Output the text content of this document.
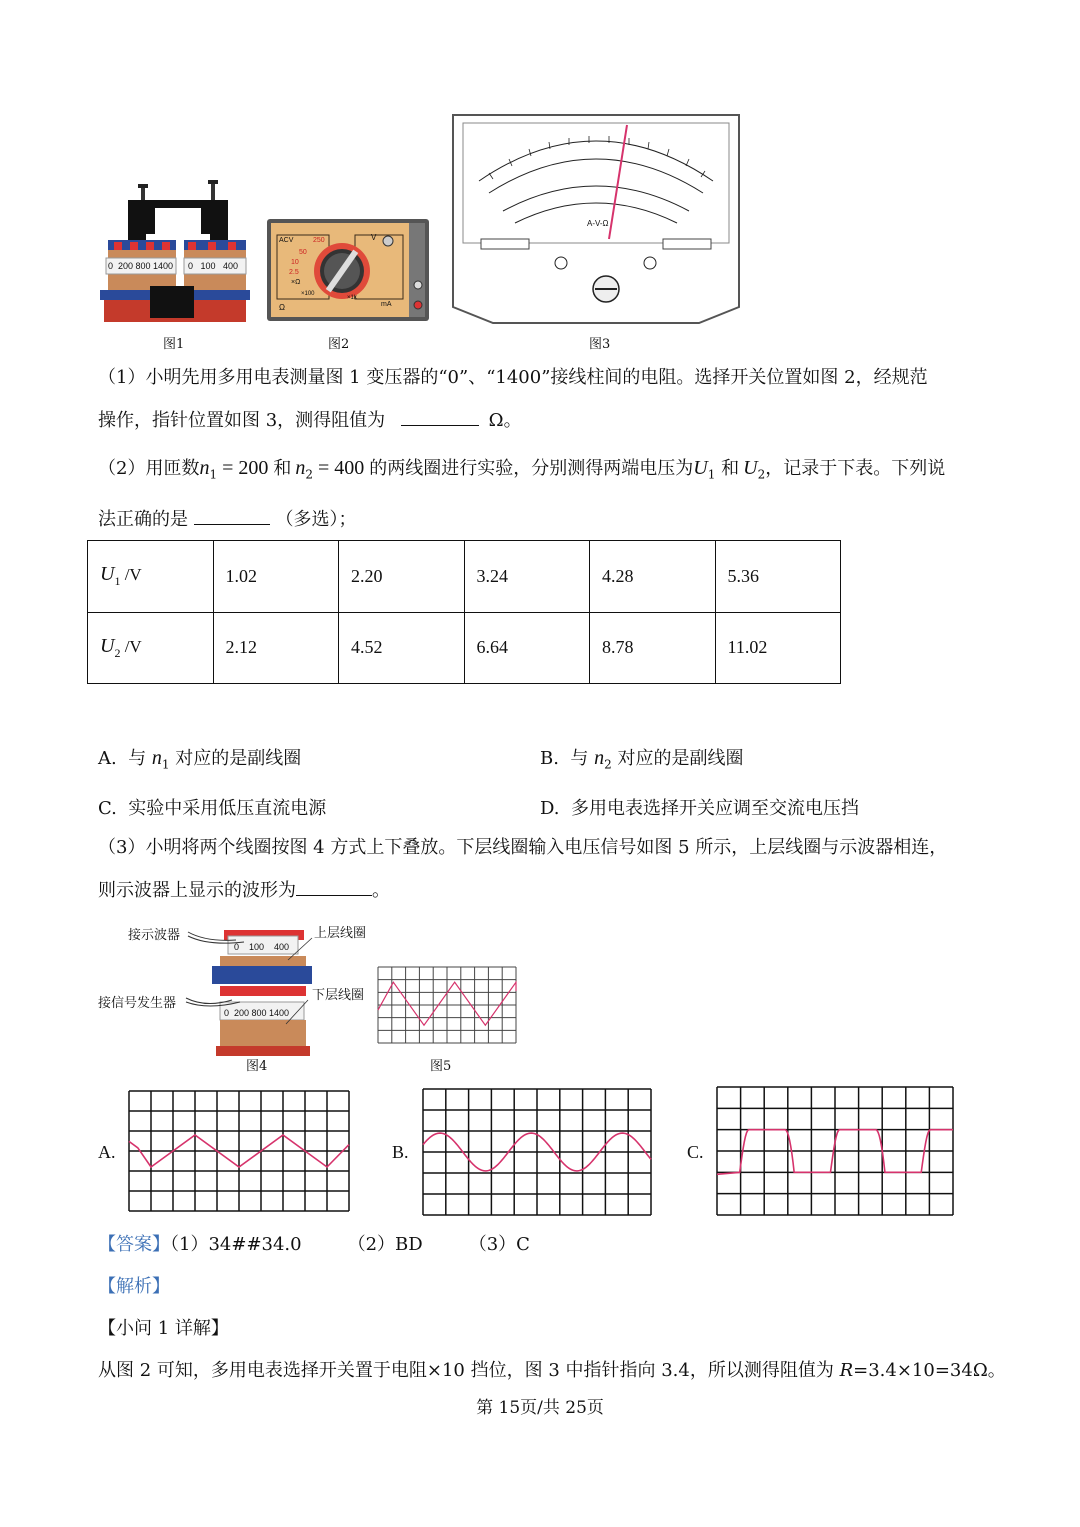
0  200 800 1400 0   100   400
图1
ACV	V
250
50
10
2.5
×Ω
×100
Ω
×1k
mA
图2
A-V-Ω
图3
（1）小明先用多用电表测量图 1 变压器的“0”、“1400”接线柱间的电阻。选择开关位置如图 2，经规范
操作，指针位置如图 3，测得阻值为	Ω。
（2）用匝数$n_1 = 200$ 和 $n_2 = 400$ 的两线圈进行实验，分别测得两端电压为$U_1$ 和 $U_2$，记录于下表。下列说
法正确的是	（多选）；
$U_1$ /V	1.02	2.20	3.24	4.28	5.36
$U_2$ /V	2.12	4.52	6.64	8.78	11.02
A.  与 $n_1$ 对应的是副线圈	B.  与 $n_2$ 对应的是副线圈
C.  实验中采用低压直流电源	D.  多用电表选择开关应调至交流电压挡
（3）小明将两个线圈按图 4 方式上下叠放。下层线圈输入电压信号如图 5 所示，上层线圈与示波器相连，
则示波器上显示的波形为	。
接示波器	上层线圈
接信号发生器
下层线圈
0    100    400
0  200 800 1400
图4	图5
A.	B.	C.
【答案】（1）34##34.0	（2）BD	（3）C
【解析】
【小问 1 详解】
从图 2 可知，多用电表选择开关置于电阻×10 挡位，图 3 中指针指向 3.4，所以测得阻值为 R=3.4×10=34Ω。
第 15页/共 25页
